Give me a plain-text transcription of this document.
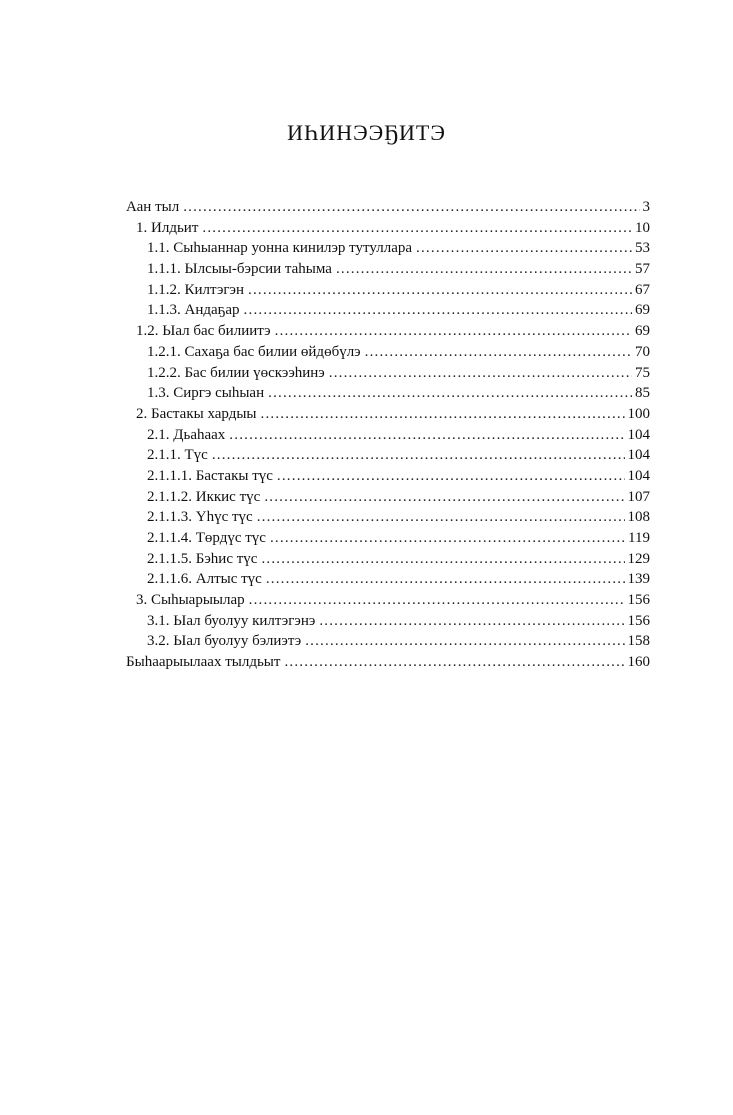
ИҺИНЭЭҔИТЭ
Аан тыл .....	3
1. Илдьит .....	10
1.1. Сыһыаннар уонна кинилэр тутуллара .....	53
1.1.1. Ылсыы-бэрсии таһыма .....	57
1.1.2. Килтэгэн .....	67
1.1.3. Андаҕар .....	69
1.2. Ыал бас билиитэ .....	69
1.2.1. Сахаҕа бас билии өйдөбүлэ .....	70
1.2.2. Бас билии үөскээһинэ .....	75
1.3. Сиргэ сыһыан .....	85
2. Бастакы хардыы .....	100
2.1. Дьаһаах .....	104
2.1.1. Түс .....	104
2.1.1.1. Бастакы түс .....	104
2.1.1.2. Иккис түс .....	107
2.1.1.3. Үһүс түс .....	108
2.1.1.4. Төрдүс түс .....	119
2.1.1.5. Бэһис түс .....	129
2.1.1.6. Алтыс түс .....	139
3. Сыһыарыылар .....	156
3.1. Ыал буолуу килтэгэнэ .....	156
3.2. Ыал буолуу бэлиэтэ .....	158
Быһаарыылаах тылдьыт .....	160
